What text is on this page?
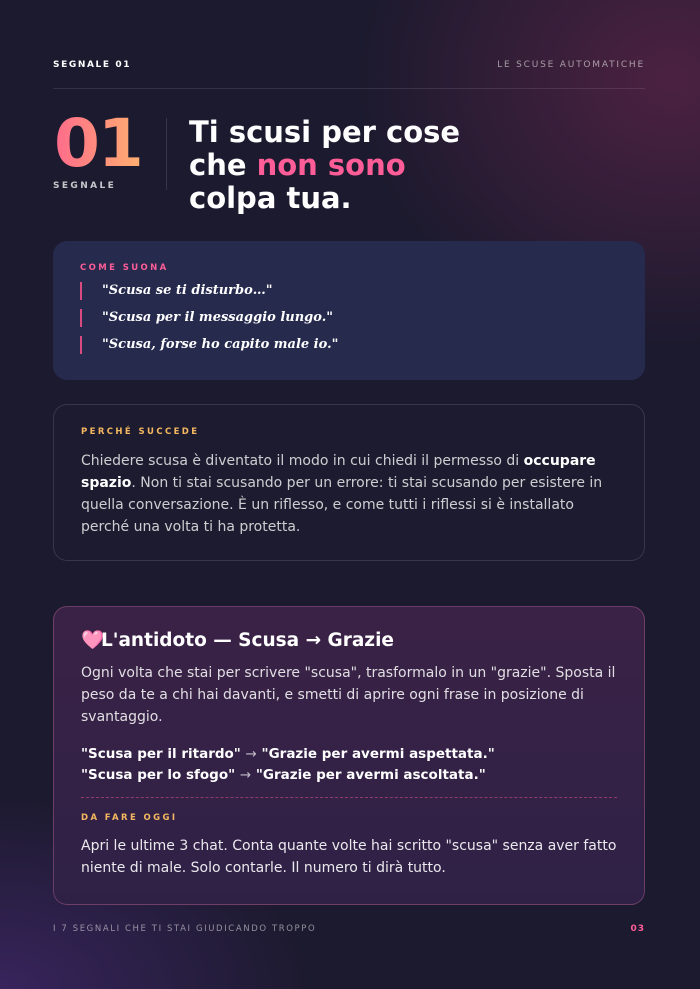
SEGNALE 01	LE SCUSE AUTOMATICHE
01
SEGNALE
Ti scusi per cose
che non sono
colpa tua.
COME SUONA
"Scusa se ti disturbo…"
"Scusa per il messaggio lungo."
"Scusa, forse ho capito male io."
PERCHÉ SUCCEDE
Chiedere scusa è diventato il modo in cui chiedi il permesso di occupare spazio. Non ti stai scusando per un errore: ti stai scusando per esistere in quella conversazione. È un riflesso, e come tutti i riflessi si è installato perché una volta ti ha protetta.
🩷L'antidoto — Scusa → Grazie
Ogni volta che stai per scrivere "scusa", trasformalo in un "grazie". Sposta il peso da te a chi hai davanti, e smetti di aprire ogni frase in posizione di svantaggio.
"Scusa per il ritardo" → "Grazie per avermi aspettata."
"Scusa per lo sfogo" → "Grazie per avermi ascoltata."
DA FARE OGGI
Apri le ultime 3 chat. Conta quante volte hai scritto "scusa" senza aver fatto niente di male. Solo contarle. Il numero ti dirà tutto.
I 7 SEGNALI CHE TI STAI GIUDICANDO TROPPO	03
